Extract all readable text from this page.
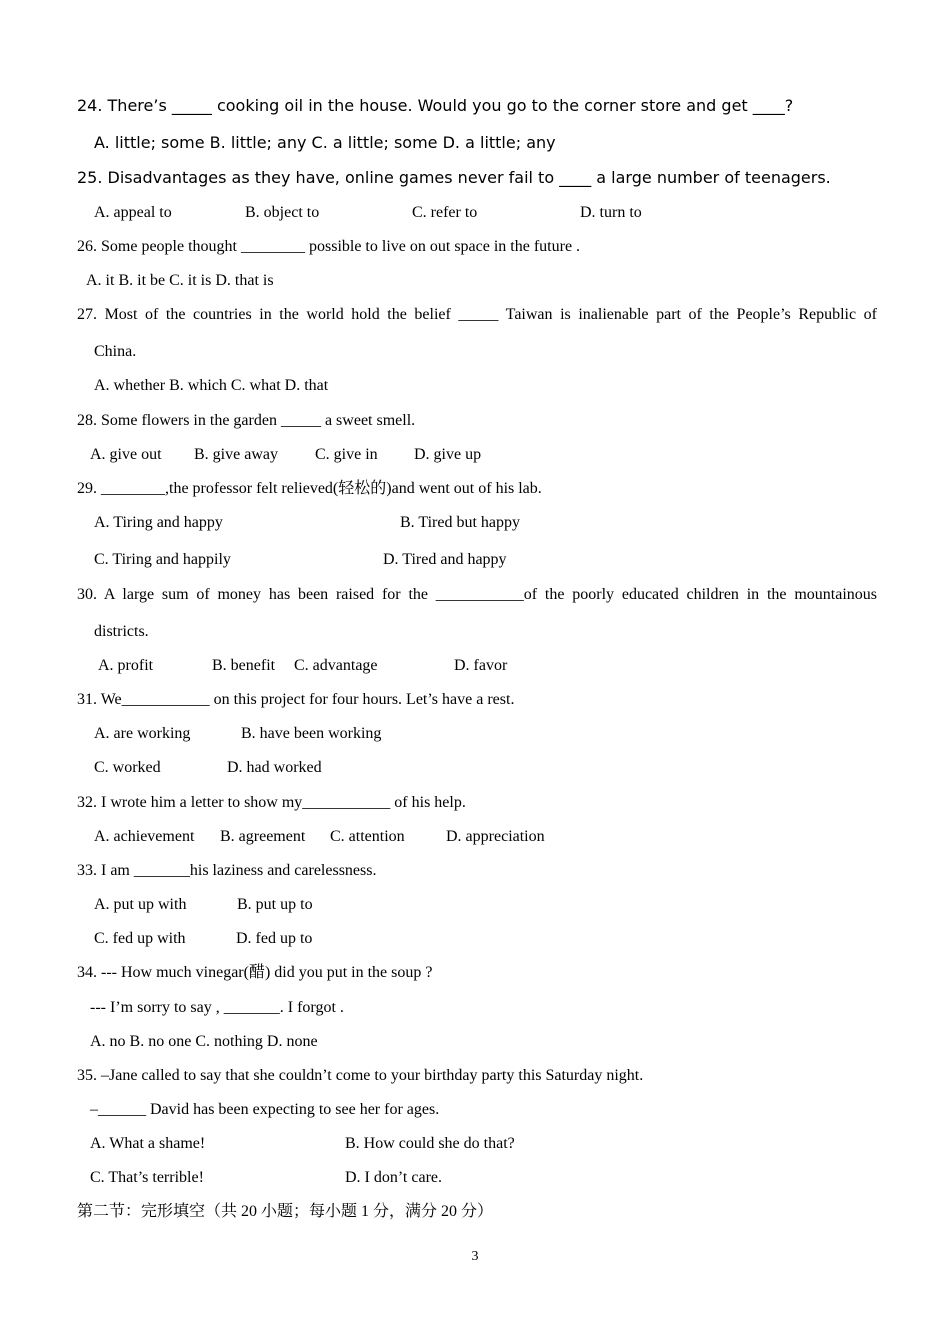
24. There’s _____ cooking oil in the house. Would you go to the corner store and get ____?
A. little; some B. little; any C. a little; some D. a little; any
25. Disadvantages as they have, online games never fail to ____ a large number of teenagers.
A. appeal to	B. object to	C. refer to	D. turn to
26. Some people thought ________ possible to live on out space in the future .
A. it B. it be C. it is D. that is
27. Most of the countries in the world hold the belief _____ Taiwan is inalienable part of the People’s Republic of
China.
A. whether B. which C. what D. that
28. Some flowers in the garden _____ a sweet smell.
A. give out B. give away C. give in D. give up
29. ________,the professor felt relieved(轻松的)and went out of his lab.
A. Tiring and happy	B. Tired but happy
C. Tiring and happily	D. Tired and happy
30. A large sum of money has been raised for the ___________of the poorly educated children in the mountainous
districts.
A. profit	B. benefit C. advantage	D. favor
31. We___________ on this project for four hours. Let’s have a rest.
A. are working	B. have been working
C. worked	D. had worked
32. I wrote him a letter to show my___________ of his help.
A. achievement B. agreement C. attention	D. appreciation
33. I am _______his laziness and carelessness.
A. put up with	B. put up to
C. fed up with	D. fed up to
34. --- How much vinegar(醋) did you put in the soup ?
--- I’m sorry to say , _______. I forgot .
A. no B. no one C. nothing D. none
35. –Jane called to say that she couldn’t come to your birthday party this Saturday night.
–______ David has been expecting to see her for ages.
A. What a shame!	B. How could she do that?
C. That’s terrible!	D. I don’t care.
第二节：完形填空（共 20 小题；每小题 1 分，满分 20 分）
3
